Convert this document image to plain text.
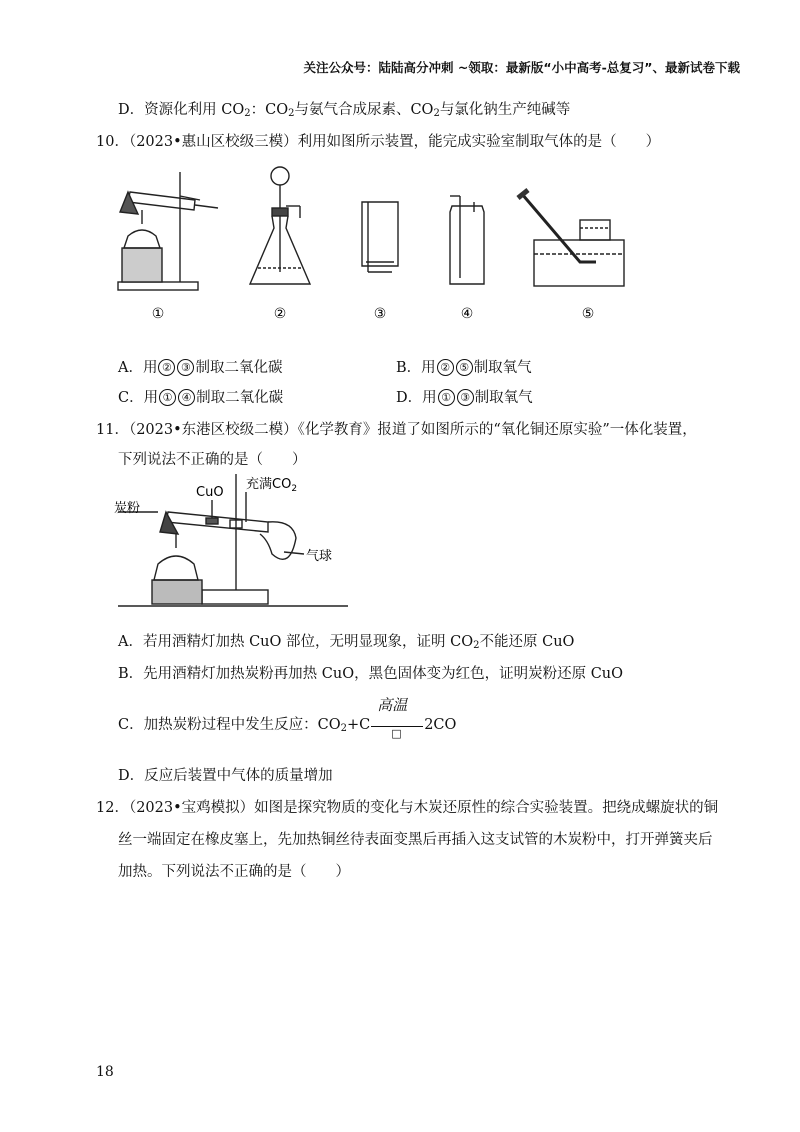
关注公众号：陆陆高分冲刺 ~领取：最新版“小中高考-总复习”、最新试卷下载
D．资源化利用 $CO_2$：$CO_2$与氨气合成尿素、$CO_2$与氯化钠生产纯碱等
10．（2023•惠山区校级三模）利用如图所示装置，能完成实验室制取气体的是（　　）
①	②	③	④	⑤
A．用 ② ③ 制取二氧化碳	B．用 ② ⑤ 制取氧气
C．用 ① ④ 制取二氧化碳	D．用 ① ③ 制取氧气
11．（2023•东港区校级二模）《化学教育》报道了如图所示的“氧化铜还原实验”一体化装置，
下列说法不正确的是（　　）
炭粉
CuO
充满$CO_2$
气球
A．若用酒精灯加热 CuO 部位，无明显现象，证明 $CO_2$不能还原 CuO
B．先用酒精灯加热炭粉再加热 CuO，黑色固体变为红色，证明炭粉还原 CuO
C．加热炭粉过程中发生反应：$CO_2+C$
高温
□
2CO
D．反应后装置中气体的质量增加
12．（2023•宝鸡模拟）如图是探究物质的变化与木炭还原性的综合实验装置。把绕成螺旋状的铜
丝一端固定在橡皮塞上，先加热铜丝待表面变黑后再插入这支试管的木炭粉中，打开弹簧夹后
加热。下列说法不正确的是（　　）
18
